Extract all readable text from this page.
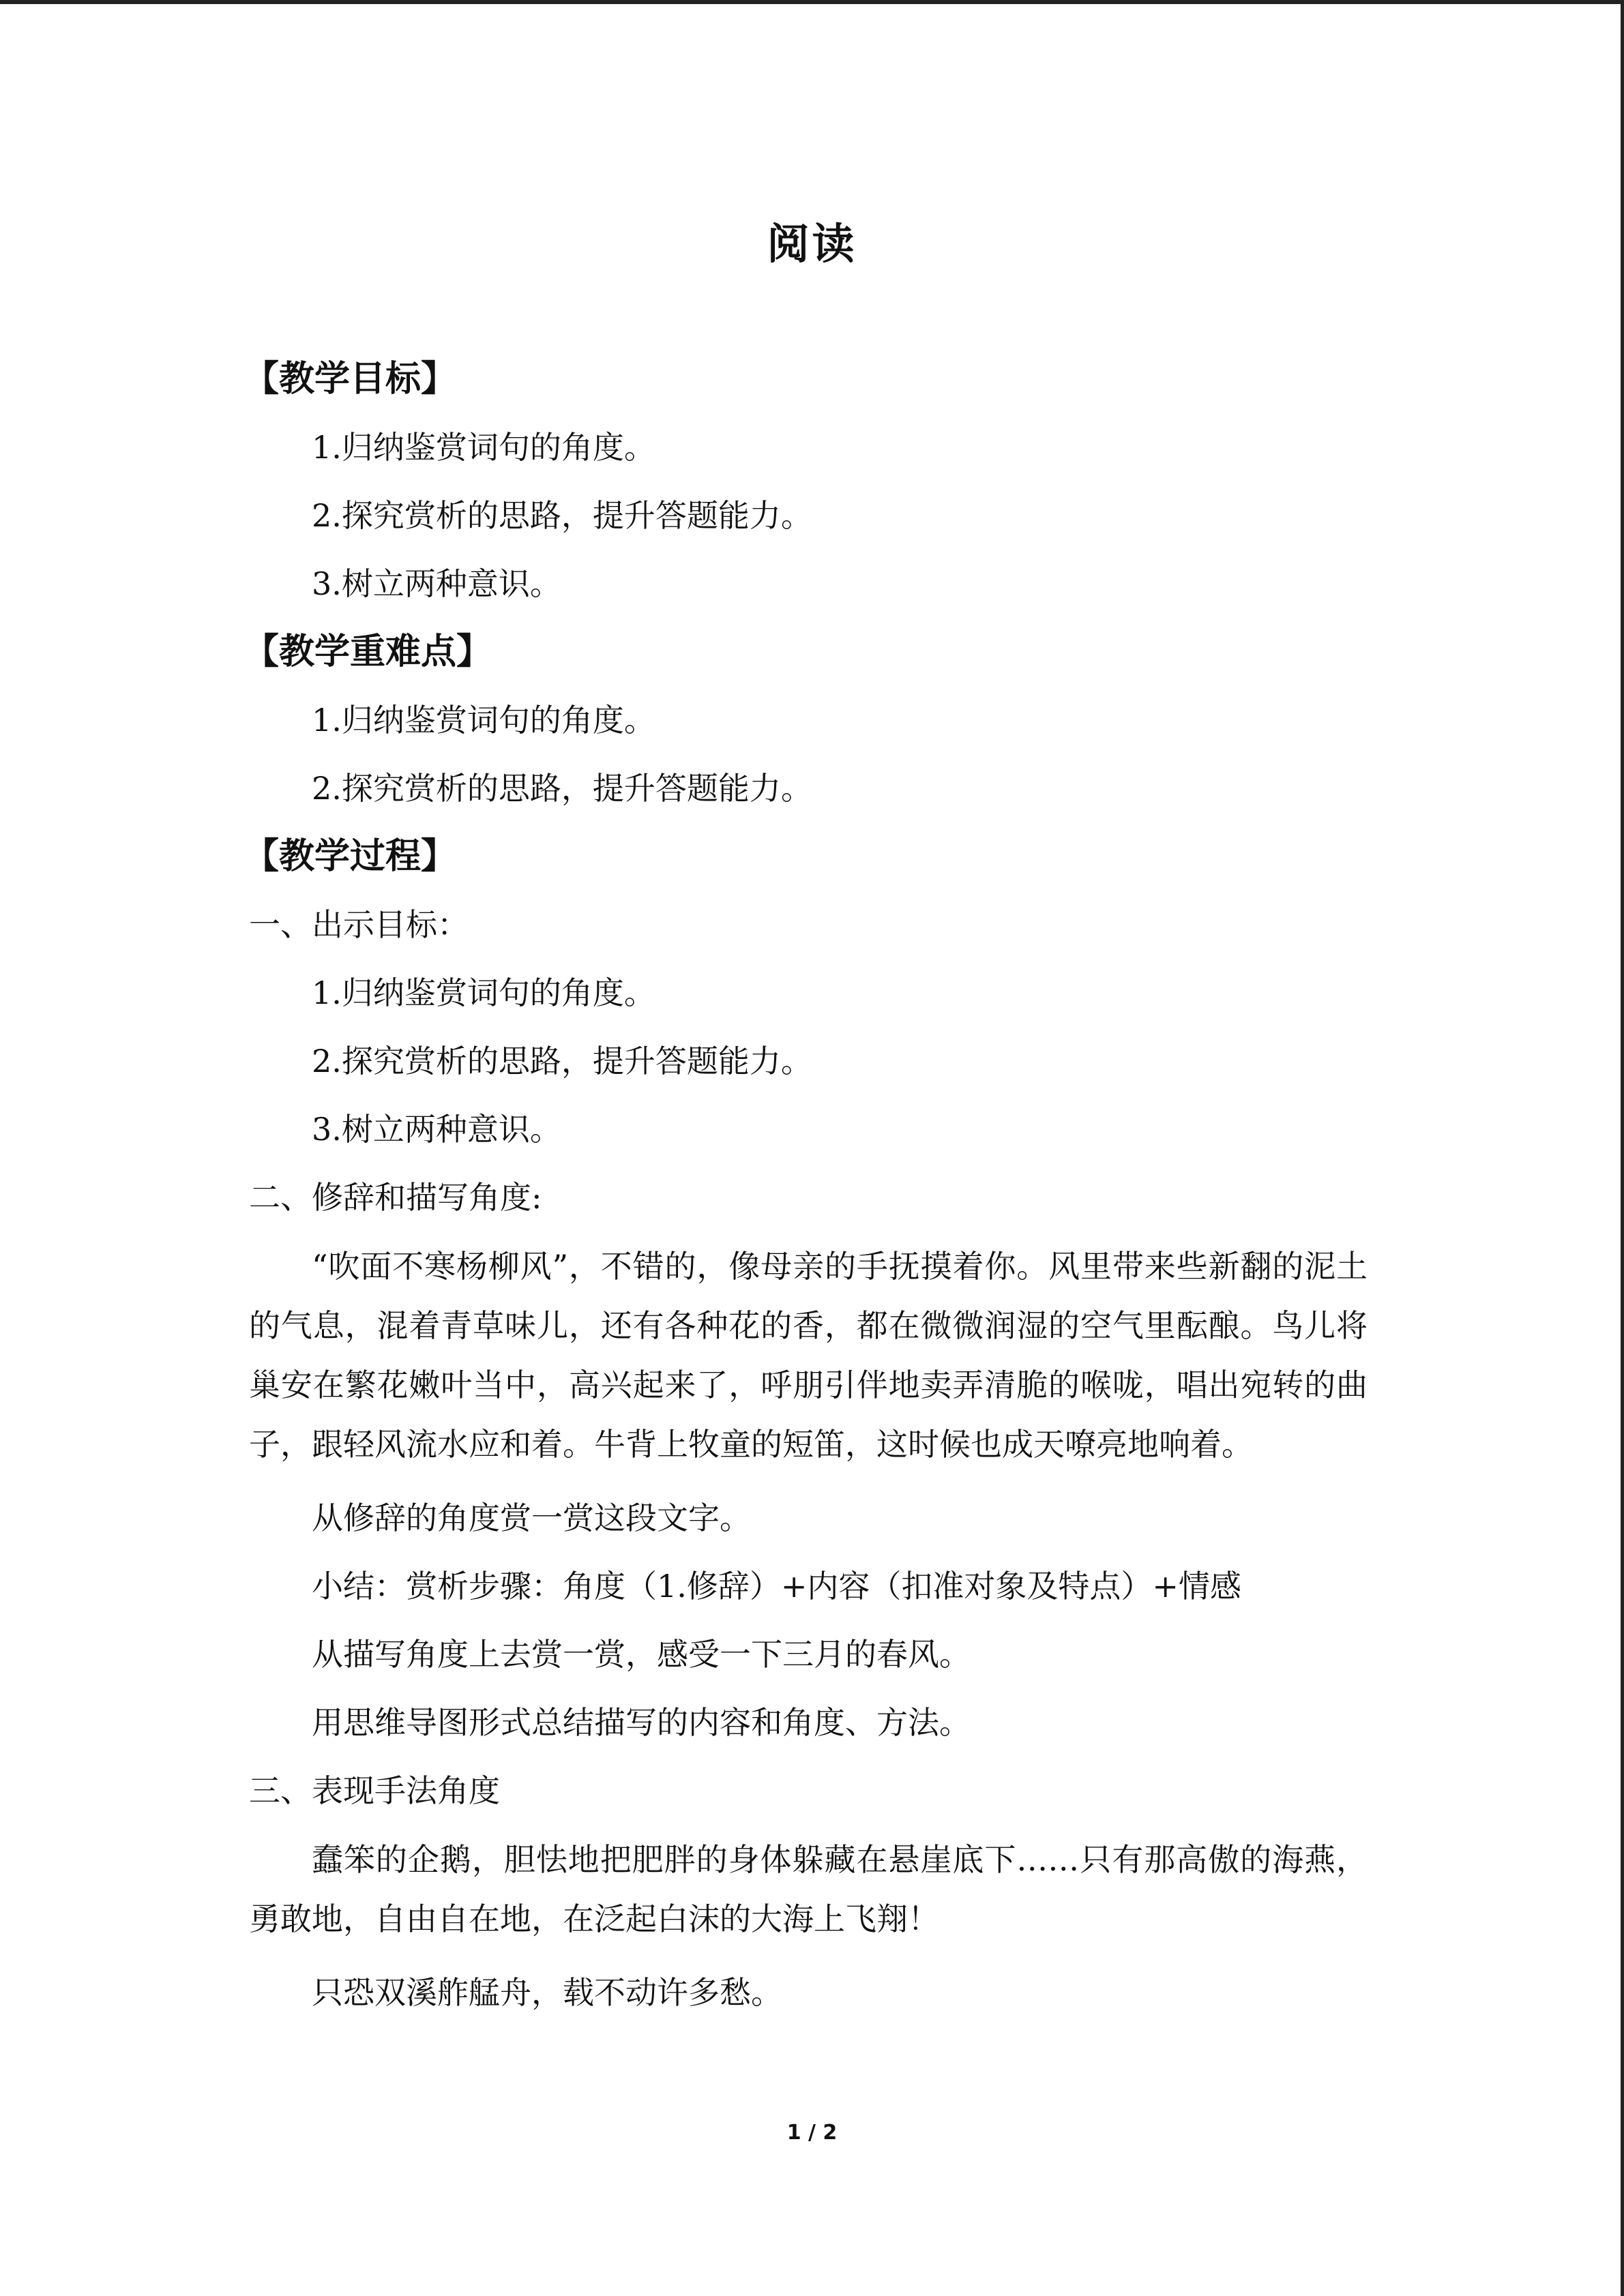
阅读
【教学目标】
1.归纳鉴赏词句的角度。
2.探究赏析的思路，提升答题能力。
3.树立两种意识。
【教学重难点】
1.归纳鉴赏词句的角度。
2.探究赏析的思路，提升答题能力。
【教学过程】
一、出示目标：
1.归纳鉴赏词句的角度。
2.探究赏析的思路，提升答题能力。
3.树立两种意识。
二、修辞和描写角度:
“吹面不寒杨柳风”，不错的，像母亲的手抚摸着你。风里带来些新翻的泥土的气息，混着青草味儿，还有各种花的香，都在微微润湿的空气里酝酿。鸟儿将巢安在繁花嫩叶当中，高兴起来了，呼朋引伴地卖弄清脆的喉咙，唱出宛转的曲子，跟轻风流水应和着。牛背上牧童的短笛，这时候也成天嘹亮地响着。
从修辞的角度赏一赏这段文字。
小结：赏析步骤：角度（1.修辞）+内容（扣准对象及特点）+情感
从描写角度上去赏一赏，感受一下三月的春风。
用思维导图形式总结描写的内容和角度、方法。
三、表现手法角度
蠢笨的企鹅，胆怯地把肥胖的身体躲藏在悬崖底下……只有那高傲的海燕，勇敢地，自由自在地，在泛起白沫的大海上飞翔！
只恐双溪舴艋舟，载不动许多愁。
1 / 2
